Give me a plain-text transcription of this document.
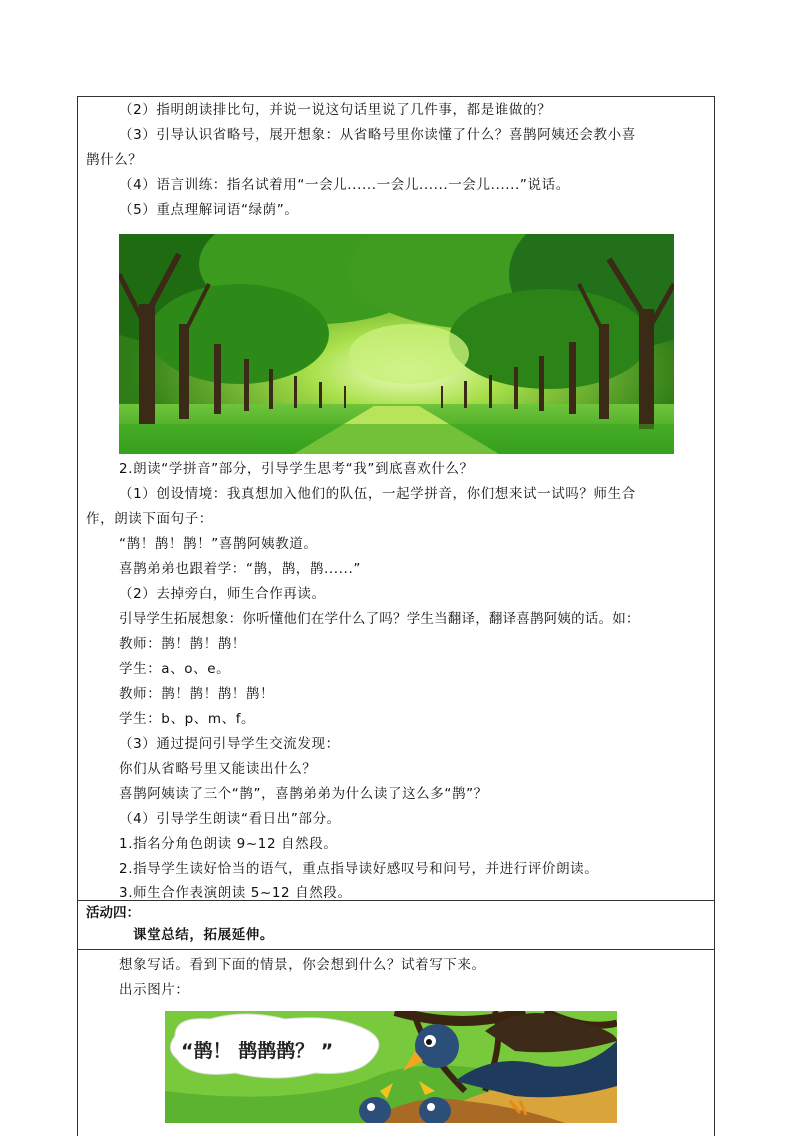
（2）指明朗读排比句，并说一说这句话里说了几件事，都是谁做的？
（3）引导认识省略号，展开想象：从省略号里你读懂了什么？喜鹊阿姨还会教小喜
鹊什么？
（4）语言训练：指名试着用“一会儿......一会儿......一会儿......”说话。
（5）重点理解词语“绿荫”。
2.朗读“学拼音”部分，引导学生思考“我”到底喜欢什么？
（1）创设情境：我真想加入他们的队伍，一起学拼音，你们想来试一试吗？师生合
作，朗读下面句子：
“鹊！鹊！鹊！”喜鹊阿姨教道。
喜鹊弟弟也跟着学：“鹊，鹊，鹊......”
（2）去掉旁白，师生合作再读。
引导学生拓展想象：你听懂他们在学什么了吗？学生当翻译，翻译喜鹊阿姨的话。如：
教师：鹊！鹊！鹊！
学生：a、o、e。
教师：鹊！鹊！鹊！鹊！
学生：b、p、m、f。
（3）通过提问引导学生交流发现：
你们从省略号里又能读出什么？
喜鹊阿姨读了三个“鹊”，喜鹊弟弟为什么读了这么多“鹊”？
（4）引导学生朗读“看日出”部分。
1.指名分角色朗读 9~12 自然段。
2.指导学生读好恰当的语气，重点指导读好感叹号和问号，并进行评价朗读。
3.师生合作表演朗读 5~12 自然段。
活动四：
课堂总结，拓展延伸。
想象写话。看到下面的情景，你会想到什么？试着写下来。
出示图片：
“鹊！ 鹊鹊鹊？ ”
